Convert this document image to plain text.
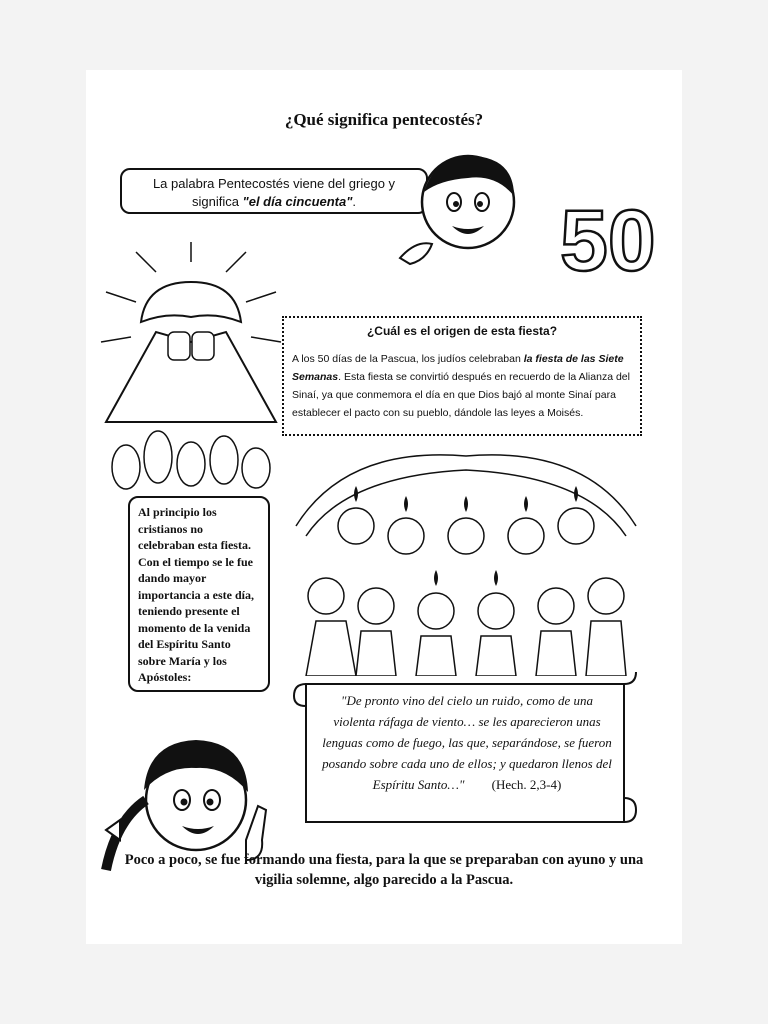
¿Qué significa pentecostés?
La palabra Pentecostés viene del griego y
significa "el día cincuenta".	50
¿Cuál es el origen de esta fiesta?
A los 50 días de la Pascua, los judíos celebraban la fiesta de las Siete Semanas. Esta fiesta se convirtió después en recuerdo de la Alianza del Sinaí, ya que conmemora el día en que Dios bajó al monte Sinaí para establecer el pacto con su pueblo, dándole las leyes a Moisés.
Al principio los cristianos no celebraban esta fiesta. Con el tiempo se le fue dando mayor importancia a este día, teniendo presente el momento de la venida del Espíritu Santo sobre María y los Apóstoles:
"De pronto vino del cielo un ruido, como de una violenta ráfaga de viento… se les aparecieron unas lenguas como de fuego, las que, separándose, se fueron posando sobre cada uno de ellos; y quedaron llenos del Espíritu Santo…" (Hech. 2,3-4)
Poco a poco, se fue formando una fiesta, para la que se preparaban con ayuno y una vigilia solemne, algo parecido a la Pascua.
